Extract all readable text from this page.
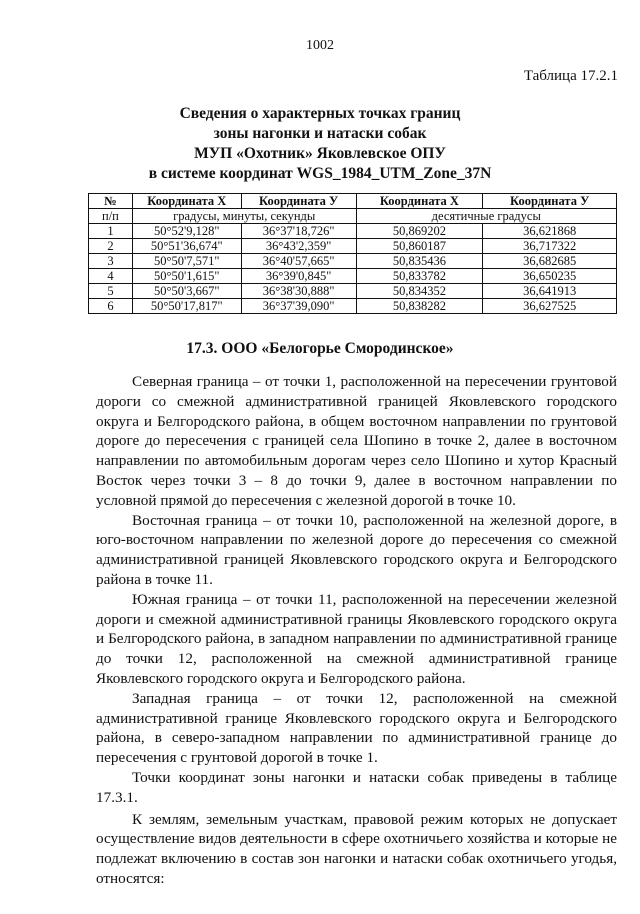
1002
Таблица 17.2.1
Сведения о характерных точках границ
зоны нагонки и натаски собак
МУП «Охотник» Яковлевское ОПУ
в системе координат WGS_1984_UTM_Zone_37N
№	Координата X	Координата У	Координата X	Координата У
п/п	градусы, минуты, секунды		десятичные градусы	
1	50°52'9,128"	36°37'18,726"	50,869202	36,621868
2	50°51'36,674"	36°43'2,359"	50,860187	36,717322
3	50°50'7,571"	36°40'57,665"	50,835436	36,682685
4	50°50'1,615"	36°39'0,845"	50,833782	36,650235
5	50°50'3,667"	36°38'30,888"	50,834352	36,641913
6	50°50'17,817"	36°37'39,090"	50,838282	36,627525
17.3. ООО «Белогорье Смородинское»

Северная граница – от точки 1, расположенной на пересечении грунтовой дороги со смежной административной границей Яковлевского городского округа и Белгородского района, в общем восточном направлении по грунтовой дороге до пересечения с границей села Шопино в точке 2, далее в восточном направлении по автомобильным дорогам через село Шопино и хутор Красный Восток через точки 3 – 8 до точки 9, далее в восточном направлении по условной прямой до пересечения с железной дорогой в точке 10.

Восточная граница – от точки 10, расположенной на железной дороге, в юго-восточном направлении по железной дороге до пересечения со смежной административной границей Яковлевского городского округа и Белгородского района в точке 11.

Южная граница – от точки 11, расположенной на пересечении железной дороги и смежной административной границы Яковлевского городского округа и Белгородского района, в западном направлении по административной границе до точки 12, расположенной на смежной административной границе Яковлевского городского округа и Белгородского района.

Западная граница – от точки 12, расположенной на смежной административной границе Яковлевского городского округа и Белгородского района, в северо-западном направлении по административной границе до пересечения с грунтовой дорогой в точке 1.

Точки координат зоны нагонки и натаски собак приведены в таблице 17.3.1.

К землям, земельным участкам, правовой режим которых не допускает осуществление видов деятельности в сфере охотничьего хозяйства и которые не подлежат включению в состав зон нагонки и натаски собак охотничьего угодья, относятся:
